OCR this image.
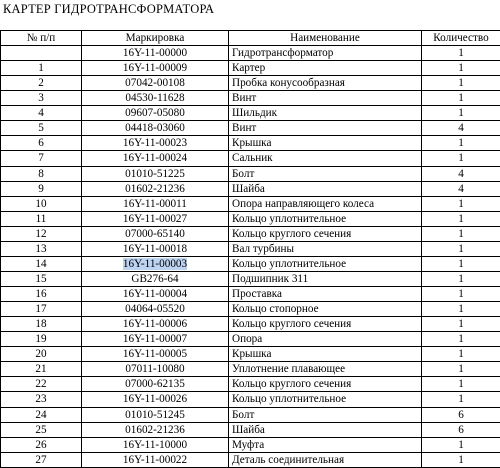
КАРТЕР ГИДРОТРАНСФОРМАТОРА
№ п/п	Маркировка	Наименование	Количество
	16Y-11-00000	Гидротрансформатор	1
1	16Y-11-00009	Картер	1
2	07042-00108	Пробка конусообразная	1
3	04530-11628	Винт	1
4	09607-05080	Шильдик	1
5	04418-03060	Винт	4
6	16Y-11-00023	Крышка	1
7	16Y-11-00024	Сальник	1
8	01010-51225	Болт	4
9	01602-21236	Шайба	4
10	16Y-11-00011	Опора направляющего колеса	1
11	16Y-11-00027	Кольцо уплотнительное	1
12	07000-65140	Кольцо круглого сечения	1
13	16Y-11-00018	Вал турбины	1
14	16Y-11-00003	Кольцо уплотнительное	1
15	GB276-64	Подшипник 311	1
16	16Y-11-00004	Проставка	1
17	04064-05520	Кольцо стопорное	1
18	16Y-11-00006	Кольцо круглого сечения	1
19	16Y-11-00007	Опора	1
20	16Y-11-00005	Крышка	1
21	07011-10080	Уплотнение плавающее	1
22	07000-62135	Кольцо круглого сечения	1
23	16Y-11-00026	Кольцо уплотнительное	1
24	01010-51245	Болт	6
25	01602-21236	Шайба	6
26	16Y-11-10000	Муфта	1
27	16Y-11-00022	Деталь соединительная	1
